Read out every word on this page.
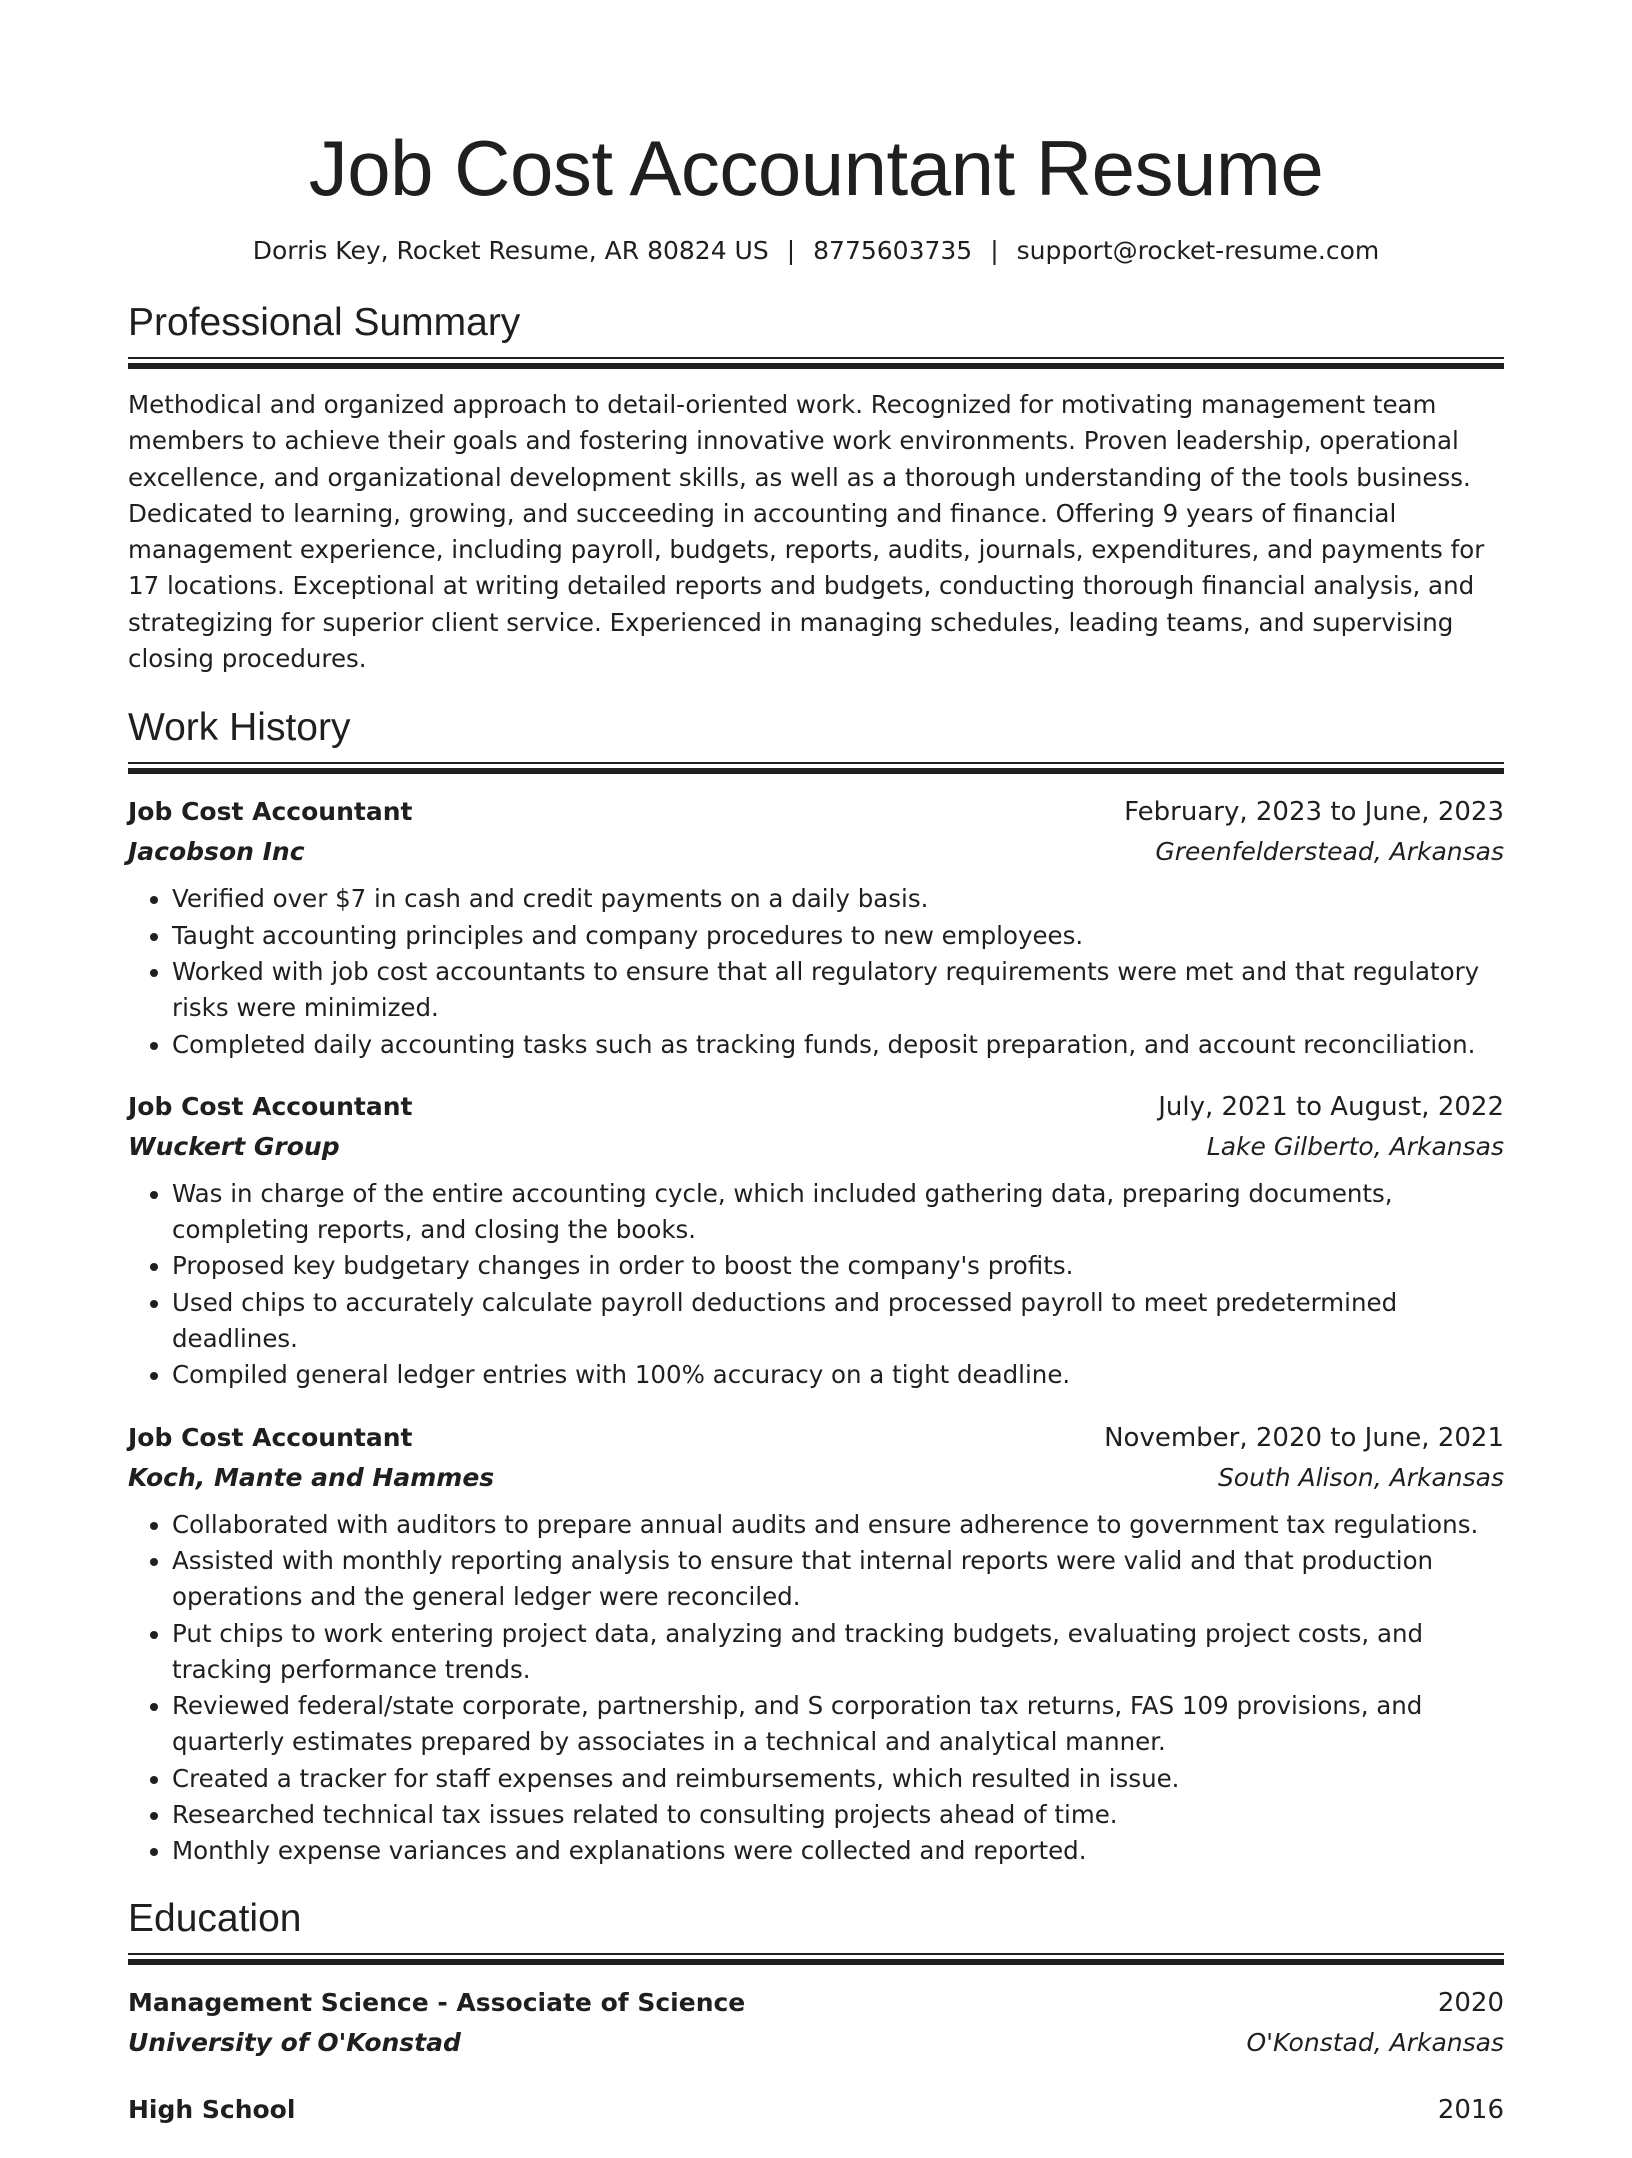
Job Cost Accountant Resume

Dorris Key, Rocket Resume, AR 80824 US | 8775603735 | support@rocket-resume.com

Professional Summary

Methodical and organized approach to detail-oriented work. Recognized for motivating management team members to achieve their goals and fostering innovative work environments. Proven leadership, operational excellence, and organizational development skills, as well as a thorough understanding of the tools business. Dedicated to learning, growing, and succeeding in accounting and finance. Offering 9 years of financial management experience, including payroll, budgets, reports, audits, journals, expenditures, and payments for 17 locations. Exceptional at writing detailed reports and budgets, conducting thorough financial analysis, and strategizing for superior client service. Experienced in managing schedules, leading teams, and supervising closing procedures.

Work History
Job Cost Accountant	February, 2023 to June, 2023
Jacobson Inc	Greenfelderstead, Arkansas
• Verified over $7 in cash and credit payments on a daily basis.
• Taught accounting principles and company procedures to new employees.
• Worked with job cost accountants to ensure that all regulatory requirements were met and that regulatory risks were minimized.
• Completed daily accounting tasks such as tracking funds, deposit preparation, and account reconciliation.
Job Cost Accountant	July, 2021 to August, 2022
Wuckert Group	Lake Gilberto, Arkansas
• Was in charge of the entire accounting cycle, which included gathering data, preparing documents, completing reports, and closing the books.
• Proposed key budgetary changes in order to boost the company's profits.
• Used chips to accurately calculate payroll deductions and processed payroll to meet predetermined deadlines.
• Compiled general ledger entries with 100% accuracy on a tight deadline.
Job Cost Accountant	November, 2020 to June, 2021
Koch, Mante and Hammes	South Alison, Arkansas
• Collaborated with auditors to prepare annual audits and ensure adherence to government tax regulations.
• Assisted with monthly reporting analysis to ensure that internal reports were valid and that production operations and the general ledger were reconciled.
• Put chips to work entering project data, analyzing and tracking budgets, evaluating project costs, and tracking performance trends.
• Reviewed federal/state corporate, partnership, and S corporation tax returns, FAS 109 provisions, and quarterly estimates prepared by associates in a technical and analytical manner.
• Created a tracker for staff expenses and reimbursements, which resulted in issue.
• Researched technical tax issues related to consulting projects ahead of time.
• Monthly expense variances and explanations were collected and reported.
Education
Management Science - Associate of Science	2020
University of O'Konstad	O'Konstad, Arkansas
High School	2016
